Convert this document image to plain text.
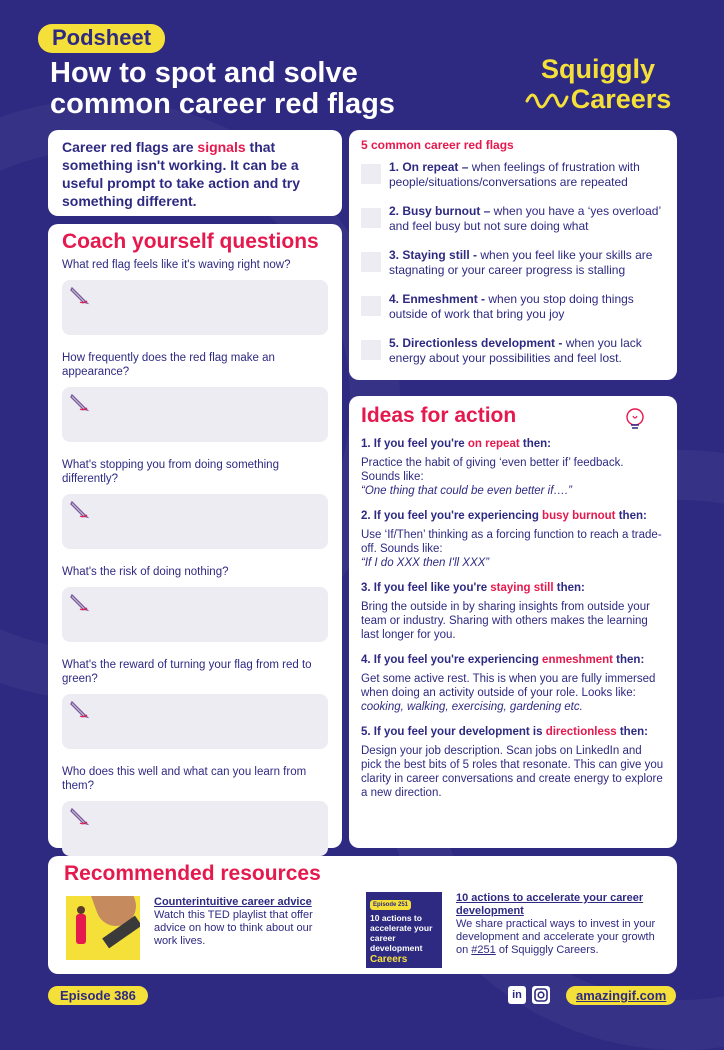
Podsheet
How to spot and solve common career red flags
Squiggly
Careers
Career red flags are signals that something isn't working. It can be a useful prompt to take action and try something different.
5 common career red flags
1. On repeat – when feelings of frustration with people/situations/conversations are repeated
2. Busy burnout – when you have a ‘yes overload’ and feel busy but not sure doing what
3. Staying still - when you feel like your skills are stagnating or your career progress is stalling
4. Enmeshment - when you stop doing things outside of work that bring you joy
5. Directionless development - when you lack energy about your possibilities and feel lost.
Coach yourself questions
What red flag feels like it's waving right now?
How frequently does the red flag make an appearance?
What's stopping you from doing something differently?
What's the risk of doing nothing?
What's the reward of turning your flag from red to green?
Who does this well and what can you learn from them?
Ideas for action
1. If you feel you're on repeat then:
Practice the habit of giving ‘even better if’ feedback. Sounds like:
“One thing that could be even better if….”
2. If you feel you're experiencing busy burnout then:
Use ‘If/Then’ thinking as a forcing function to reach a trade-off. Sounds like:
“If I do XXX then I'll XXX”
3. If you feel like you're staying still then:
Bring the outside in by sharing insights from outside your team or industry. Sharing with others makes the learning last longer for you.
4. If you feel you're experiencing enmeshment then:
Get some active rest. This is when you are fully immersed when doing an activity outside of your role. Looks like: cooking, walking, exercising, gardening etc.
5. If you feel your development is directionless then:
Design your job description. Scan jobs on LinkedIn and pick the best bits of 5 roles that resonate. This can give you clarity in career conversations and create energy to explore a new direction.
Recommended resources
Counterintuitive career advice
Watch this TED playlist that offer advice on how to think about our work lives.
Episode 251
10 actions to accelerate your career development
Careers
10 actions to accelerate your career development
We share practical ways to invest in your development and accelerate your growth on #251 of Squiggly Careers.
Episode 386	in	amazingif.com
